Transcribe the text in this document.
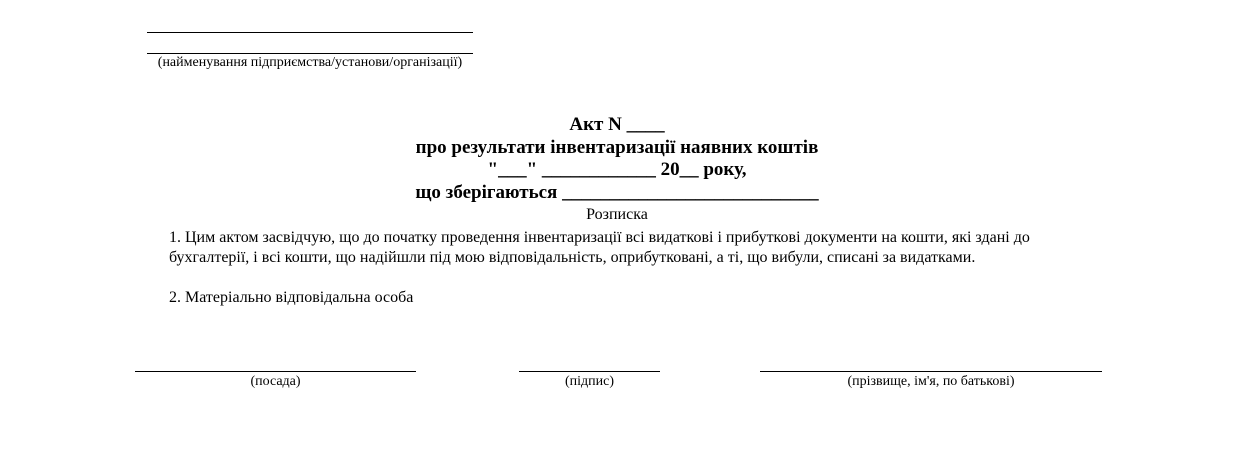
(найменування підприємства/установи/організації)
Акт N ____
про результати інвентаризації наявних коштів
"___" ____________ 20__ року,
що зберігаються ___________________________
Розписка
1. Цим актом засвідчую, що до початку проведення інвентаризації всі видаткові і прибуткові документи на кошти, які здані до бухгалтерії, і всі кошти, що надійшли під мою відповідальність, оприбутковані, а ті, що вибули, списані за видатками.
2. Матеріально відповідальна особа
(посада)	(підпис)	(прізвище, ім'я, по батькові)
